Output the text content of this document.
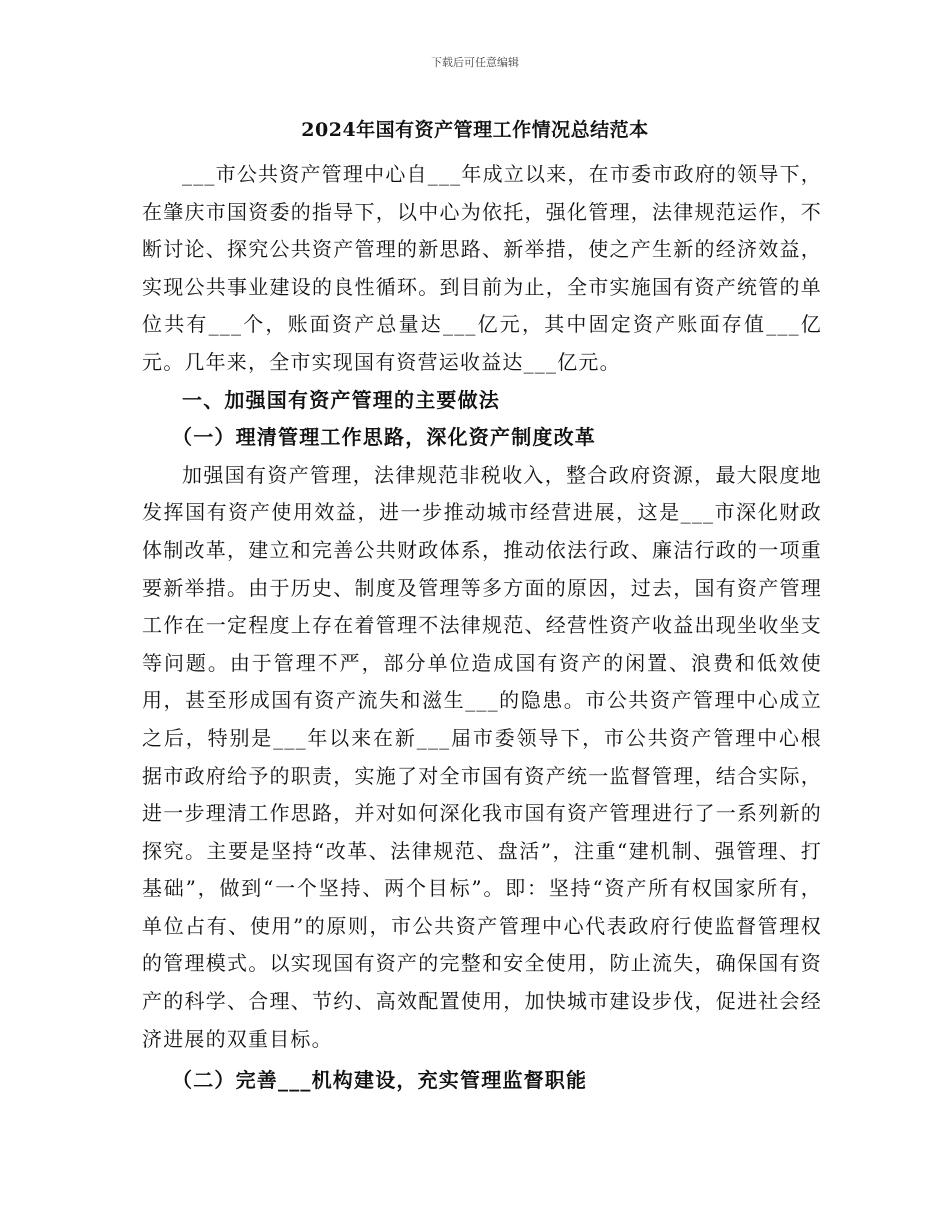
下载后可任意编辑
2024年国有资产管理工作情况总结范本

___市公共资产管理中心自___年成立以来，在市委市政府的领导下，在肇庆市国资委的指导下，以中心为依托，强化管理，法律规范运作，不断讨论、探究公共资产管理的新思路、新举措，使之产生新的经济效益，实现公共事业建设的良性循环。到目前为止，全市实施国有资产统管的单位共有___个，账面资产总量达___亿元，其中固定资产账面存值___亿元。几年来，全市实现国有资营运收益达___亿元。

一、加强国有资产管理的主要做法

（一）理清管理工作思路，深化资产制度改革

加强国有资产管理，法律规范非税收入，整合政府资源，最大限度地发挥国有资产使用效益，进一步推动城市经营进展，这是___市深化财政体制改革，建立和完善公共财政体系，推动依法行政、廉洁行政的一项重要新举措。由于历史、制度及管理等多方面的原因，过去，国有资产管理工作在一定程度上存在着管理不法律规范、经营性资产收益出现坐收坐支等问题。由于管理不严，部分单位造成国有资产的闲置、浪费和低效使用，甚至形成国有资产流失和滋生___的隐患。市公共资产管理中心成立之后，特别是___年以来在新___届市委领导下，市公共资产管理中心根据市政府给予的职责，实施了对全市国有资产统一监督管理，结合实际，进一步理清工作思路，并对如何深化我市国有资产管理进行了一系列新的探究。主要是坚持“改革、法律规范、盘活”，注重“建机制、强管理、打基础”，做到“一个坚持、两个目标”。即：坚持“资产所有权国家所有，单位占有、使用”的原则，市公共资产管理中心代表政府行使监督管理权的管理模式。以实现国有资产的完整和安全使用，防止流失，确保国有资产的科学、合理、节约、高效配置使用，加快城市建设步伐，促进社会经济进展的双重目标。

（二）完善___机构建设，充实管理监督职能
